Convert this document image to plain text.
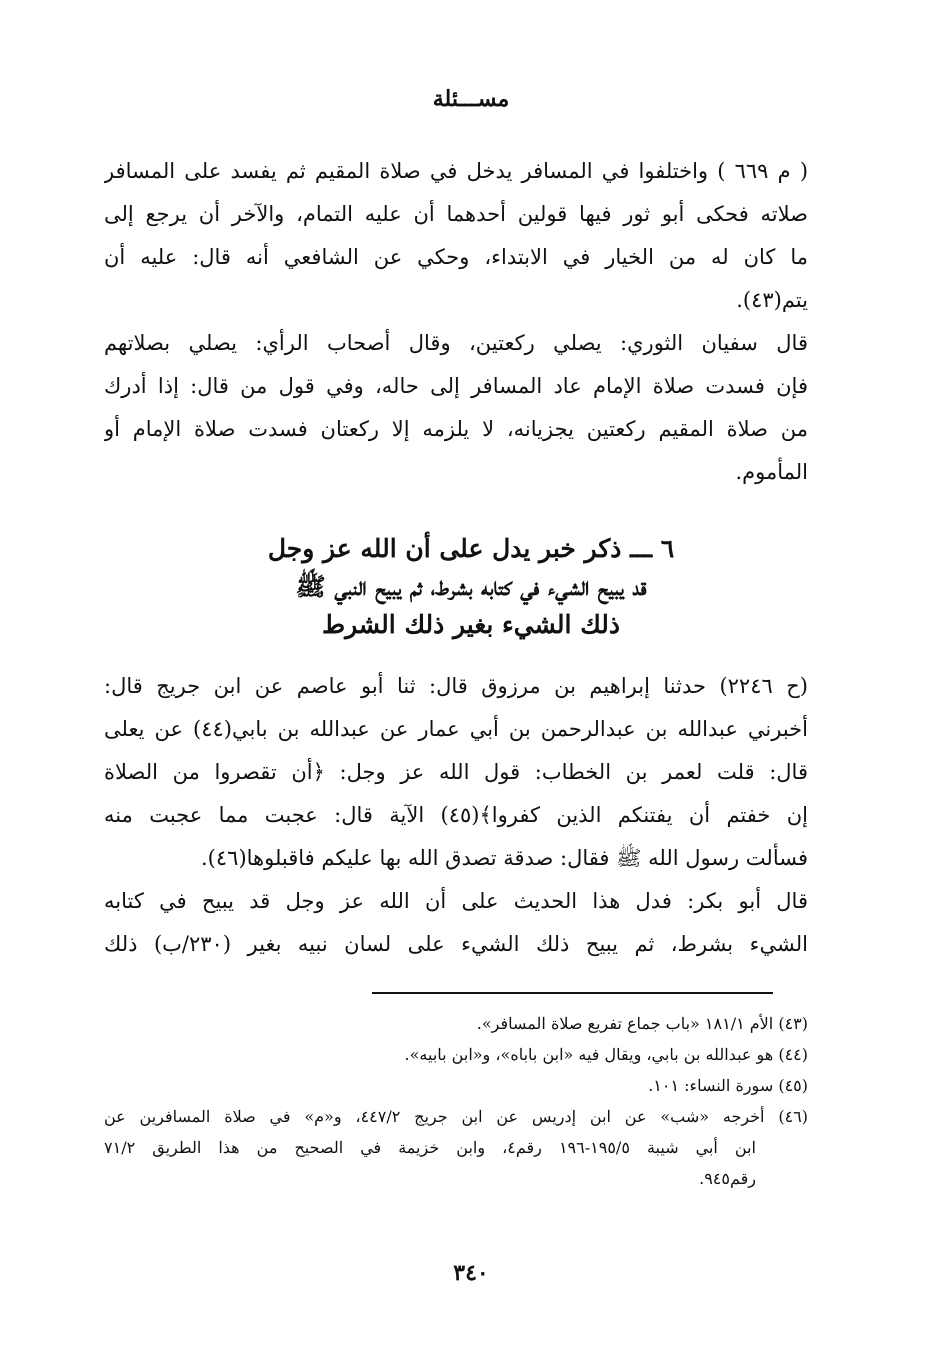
مســـئلة
( م ٦٦٩ ) واختلفوا في المسافر يدخل في صلاة المقيم ثم يفسد على المسافر
صلاته فحكى أبو ثور فيها قولين أحدهما أن عليه التمام، والآخر أن يرجع إلى
ما كان له من الخيار في الابتداء، وحكي عن الشافعي أنه قال: عليه أن
يتم(٤٣).
قال سفيان الثوري: يصلي ركعتين، وقال أصحاب الرأي: يصلي بصلاتهم
فإن فسدت صلاة الإمام عاد المسافر إلى حاله، وفي قول من قال: إذا أدرك
من صلاة المقيم ركعتين يجزيانه، لا يلزمه إلا ركعتان فسدت صلاة الإمام أو
المأموم.
٦ ـــ ذكر خبر يدل على أن الله عز وجل
قد يبيح الشيء في كتابه بشرط، ثم يبيح النبي ﷺ
ذلك الشيء بغير ذلك الشرط
(ح ٢٢٤٦) حدثنا إبراهيم بن مرزوق قال: ثنا أبو عاصم عن ابن جريج قال:
أخبرني عبدالله بن عبدالرحمن بن أبي عمار عن عبدالله بن بابي(٤٤) عن يعلى
قال: قلت لعمر بن الخطاب: قول الله عز وجل: ﴿أن تقصروا من الصلاة
إن خفتم أن يفتنكم الذين كفروا﴾(٤٥) الآية قال: عجبت مما عجبت منه
فسألت رسول الله ﷺ فقال: صدقة تصدق الله بها عليكم فاقبلوها(٤٦).
قال أبو بكر: فدل هذا الحديث على أن الله عز وجل قد يبيح في كتابه
الشيء بشرط، ثم يبيح ذلك الشيء على لسان نبيه بغير (٢٣٠/ب) ذلك
(٤٣) الأم ١٨١/١ «باب جماع تفريع صلاة المسافر».
(٤٤) هو عبدالله بن بابي، ويقال فيه «ابن باباه»، و«ابن بابيه».
(٤٥) سورة النساء: ١٠١.
(٤٦) أخرجه «شب» عن ابن إدريس عن ابن جريج ٤٤٧/٢، و«م» في صلاة المسافرين عن
ابن أبي شيبة ١٩٥/٥-١٩٦ رقم٤، وابن خزيمة في الصحيح من هذا الطريق ٧١/٢
رقم٩٤٥.
٣٤٠
